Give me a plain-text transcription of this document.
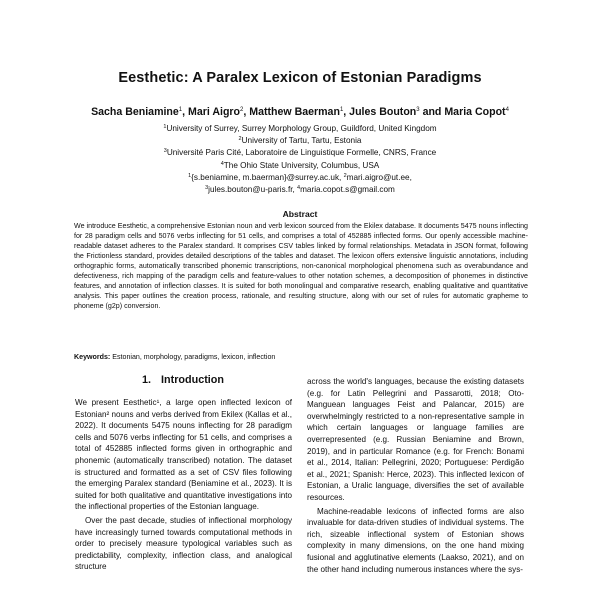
Eesthetic: A Paralex Lexicon of Estonian Paradigms
Sacha Beniamine$^1$, Mari Aigro$^2$, Matthew Baerman$^1$, Jules Bouton$^3$ and Maria Copot$^4$
$^1$University of Surrey, Surrey Morphology Group, Guildford, United Kingdom
$^2$University of Tartu, Tartu, Estonia
$^3$Université Paris Cité, Laboratoire de Linguistique Formelle, CNRS, France
$^4$The Ohio State University, Columbus, USA
$^1${s.beniamine, m.baerman}@surrey.ac.uk, $^2$mari.aigro@ut.ee,
$^3$jules.bouton@u-paris.fr, $^4$maria.copot.s@gmail.com
Abstract
We introduce Eesthetic, a comprehensive Estonian noun and verb lexicon sourced from the Ekilex database. It documents 5475 nouns inflecting for 28 paradigm cells and 5076 verbs inflecting for 51 cells, and comprises a total of 452885 inflected forms. Our openly accessible machine-readable dataset adheres to the Paralex standard. It comprises CSV tables linked by formal relationships. Metadata in JSON format, following the Frictionless standard, provides detailed descriptions of the tables and dataset. The lexicon offers extensive linguistic annotations, including orthographic forms, automatically transcribed phonemic transcriptions, non-canonical morphological phenomena such as overabundance and defectiveness, rich mapping of the paradigm cells and feature-values to other notation schemes, a decomposition of phonemes in distinctive features, and annotation of inflection classes. It is suited for both monolingual and comparative research, enabling qualitative and quantitative analysis. This paper outlines the creation process, rationale, and resulting structure, along with our set of rules for automatic grapheme to phoneme (g2p) conversion.
Keywords: Estonian, morphology, paradigms, lexicon, inflection
1. Introduction

We present Eesthetic¹, a large open inflected lexicon of Estonian² nouns and verbs derived from Ekilex (Kallas et al., 2022). It documents 5475 nouns inflecting for 28 paradigm cells and 5076 verbs inflecting for 51 cells, and comprises a total of 452885 inflected forms given in orthographic and phonemic (automatically transcribed) notation. The dataset is structured and formatted as a set of CSV files following the emerging Paralex standard (Beniamine et al., 2023). It is suited for both qualitative and quantitative investigations into the inflectional properties of the Estonian language.

Over the past decade, studies of inflectional morphology have increasingly turned towards computational methods in order to precisely measure typological variables such as predictability, complexity, inflection class, and analogical structure

across the world's languages, because the existing datasets (e.g. for Latin Pellegrini and Passarotti, 2018; Oto-Manguean languages Feist and Palancar, 2015) are overwhelmingly restricted to a non-representative sample in which certain languages or language families are overrepresented (e.g. Russian Beniamine and Brown, 2019), and in particular Romance (e.g. for French: Bonami et al., 2014, Italian: Pellegrini, 2020; Portuguese: Perdigão et al., 2021; Spanish: Herce, 2023). This inflected lexicon of Estonian, a Uralic language, diversifies the set of available resources.

Machine-readable lexicons of inflected forms are also invaluable for data-driven studies of individual systems. The rich, sizeable inflectional system of Estonian shows complexity in many dimensions, on the one hand mixing fusional and agglutinative elements (Laakso, 2021), and on the other hand including numerous instances where the sys-
